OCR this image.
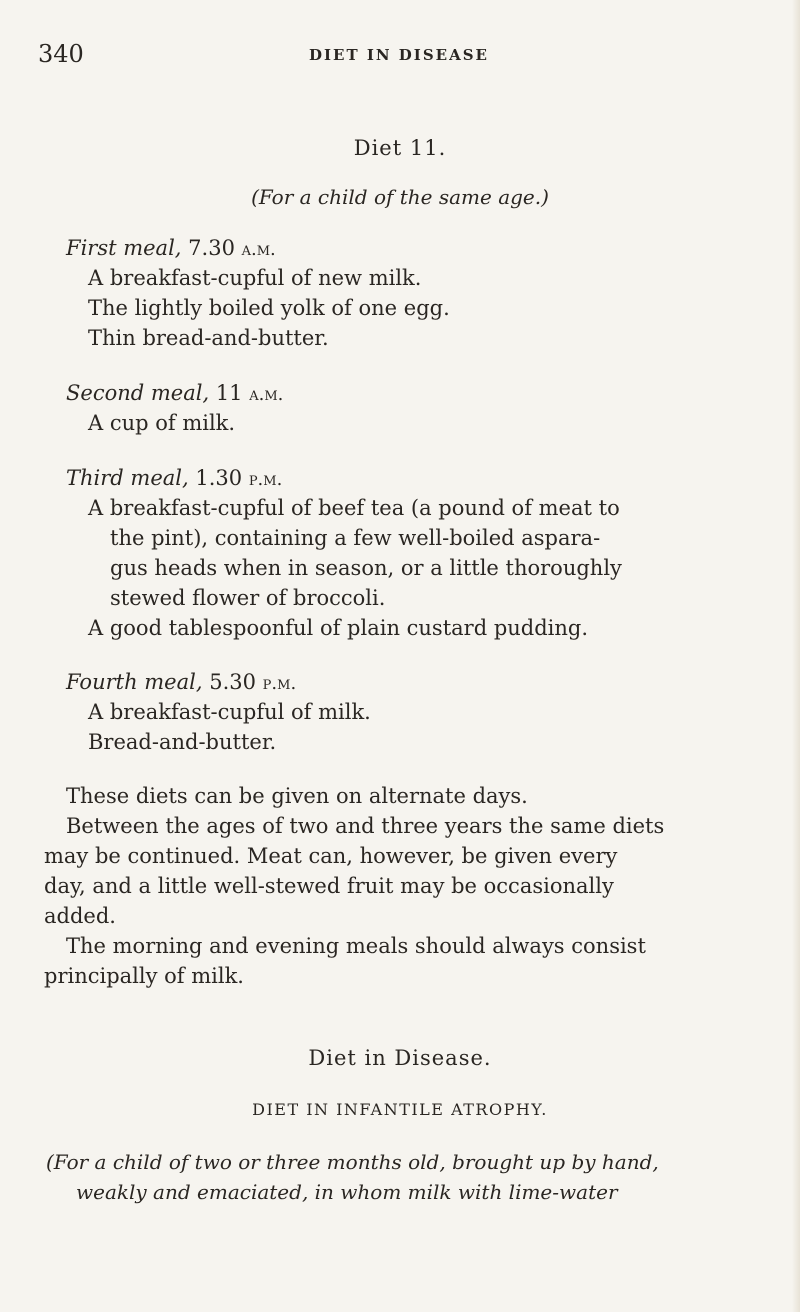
340	DIET IN DISEASE
Diet 11.
(For a child of the same age.)
First meal, 7.30 a.m.
A breakfast-cupful of new milk.
The lightly boiled yolk of one egg.
Thin bread-and-butter.
Second meal, 11 a.m.
A cup of milk.
Third meal, 1.30 p.m.
A breakfast-cupful of beef tea (a pound of meat to
the pint), containing a few well-boiled aspara-
gus heads when in season, or a little thoroughly
stewed flower of broccoli.
A good tablespoonful of plain custard pudding.
Fourth meal, 5.30 p.m.
A breakfast-cupful of milk.
Bread-and-butter.
These diets can be given on alternate days.
Between the ages of two and three years the same diets
may be continued. Meat can, however, be given every
day, and a little well-stewed fruit may be occasionally
added.
The morning and evening meals should always consist
principally of milk.
Diet in Disease.
DIET IN INFANTILE ATROPHY.
(For a child of two or three months old, brought up by hand,
weakly and emaciated, in whom milk with lime-water
